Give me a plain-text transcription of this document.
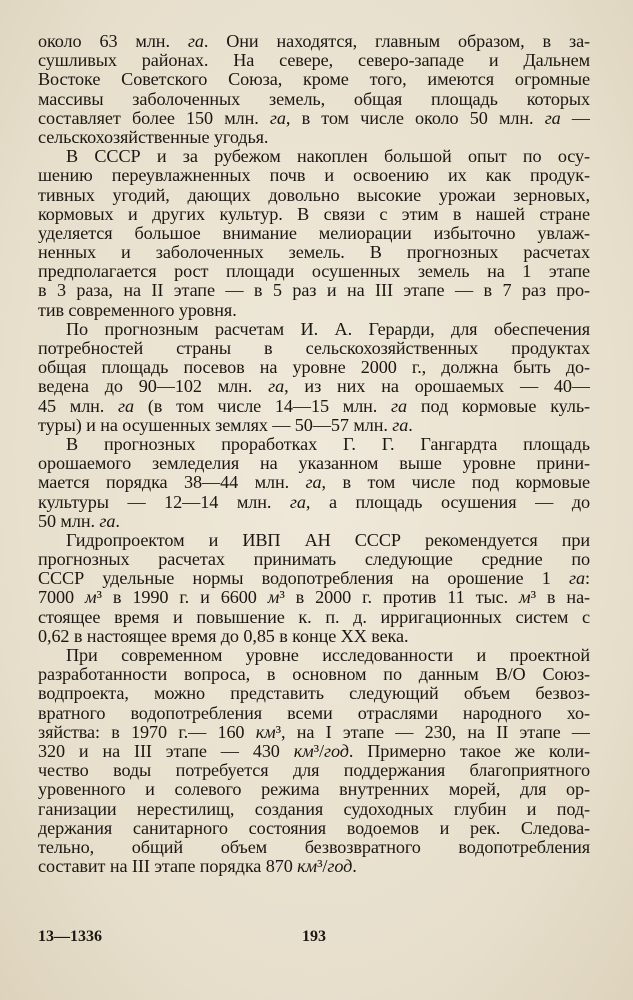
около 63 млн. га. Они находятся, главным образом, в за-
сушливых районах. На севере, северо-западе и Дальнем
Востоке Советского Союза, кроме того, имеются огромные
массивы заболоченных земель, общая площадь которых
составляет более 150 млн. га, в том числе около 50 млн. га —
сельскохозяйственные угодья.
В СССР и за рубежом накоплен большой опыт по осу-
шению переувлажненных почв и освоению их как продук-
тивных угодий, дающих довольно высокие урожаи зерновых,
кормовых и других культур. В связи с этим в нашей стране
уделяется большое внимание мелиорации избыточно увлаж-
ненных и заболоченных земель. В прогнозных расчетах
предполагается рост площади осушенных земель на 1 этапе
в 3 раза, на II этапе — в 5 раз и на III этапе — в 7 раз про-
тив современного уровня.
По прогнозным расчетам И. А. Герарди, для обеспечения
потребностей страны в сельскохозяйственных продуктах
общая площадь посевов на уровне 2000 г., должна быть до-
ведена до 90—102 млн. га, из них на орошаемых — 40—
45 млн. га (в том числе 14—15 млн. га под кормовые куль-
туры) и на осушенных землях — 50—57 млн. га.
В прогнозных проработках Г. Г. Гангардта площадь
орошаемого земледелия на указанном выше уровне прини-
мается порядка 38—44 млн. га, в том числе под кормовые
культуры — 12—14 млн. га, а площадь осушения — до
50 млн. га.
Гидропроектом и ИВП АН СССР рекомендуется при
прогнозных расчетах принимать следующие средние по
СССР удельные нормы водопотребления на орошение 1 га:
7000 м³ в 1990 г. и 6600 м³ в 2000 г. против 11 тыс. м³ в на-
стоящее время и повышение к. п. д. ирригационных систем с
0,62 в настоящее время до 0,85 в конце XX века.
При современном уровне исследованности и проектной
разработанности вопроса, в основном по данным В/О Союз-
водпроекта, можно представить следующий объем безвоз-
вратного водопотребления всеми отраслями народного хо-
зяйства: в 1970 г.— 160 км³, на I этапе — 230, на II этапе —
320 и на III этапе — 430 км³/год. Примерно такое же коли-
чество воды потребуется для поддержания благоприятного
уровенного и солевого режима внутренних морей, для ор-
ганизации нерестилищ, создания судоходных глубин и под-
держания санитарного состояния водоемов и рек. Следова-
тельно, общий объем безвозвратного водопотребления
составит на III этапе порядка 870 км³/год.
13—1336	193
